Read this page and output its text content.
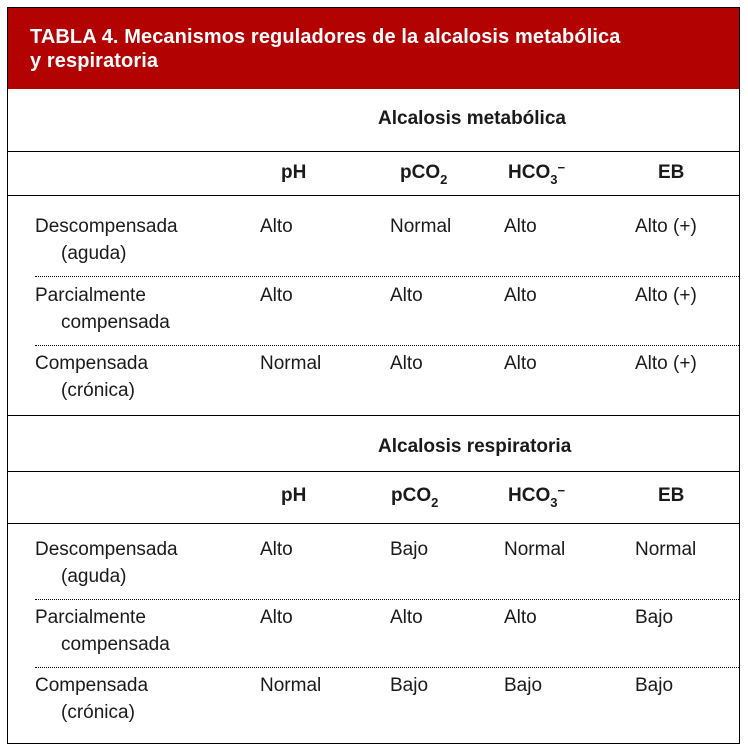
TABLA 4. Mecanismos reguladores de la alcalosis metabólica
y respiratoria
Alcalosis metabólica
pH	pCO$_2$	$HCO_3^-$	EB
Descompensada
(aguda)
Alto	Normal	Alto	Alto (+)
Parcialmente
compensada
Alto	Alto	Alto	Alto (+)
Compensada
(crónica)
Normal	Alto	Alto	Alto (+)
Alcalosis respiratoria
pH	pCO$_2$	$HCO_3^-$	EB
Descompensada
(aguda)
Alto	Bajo	Normal	Normal
Parcialmente
compensada
Alto	Alto	Alto	Bajo
Compensada
(crónica)
Normal	Bajo	Bajo	Bajo
